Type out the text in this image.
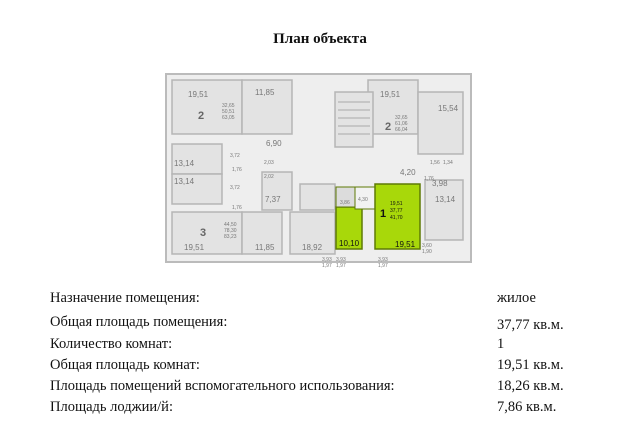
План объекта
19,51	11,85	19,51
15,54
6,90
13,14
13,14
7,37
18,92
11,85
19,51
13,14
4,20
3,98
3,72
3,72
2,03
2,02
1,76
1,76
1,34
1,56
1,76
2
32,65
50,51
63,05
2
32,65
61,06
66,04
3
44,50
78,30
83,23
1
19,51
37,77
41,70
19,51
10,10
4,30
3,86
3,93
1,97
3,93
1,97
3,93
1,97
3,60
1,90
Назначение помещения:	жилое
Общая площадь помещения:	37,77 кв.м.
Количество комнат:	1
Общая площадь комнат:	19,51 кв.м.
Площадь помещений вспомогательного использования:	18,26 кв.м.
Площадь лоджии/й:	7,86 кв.м.
